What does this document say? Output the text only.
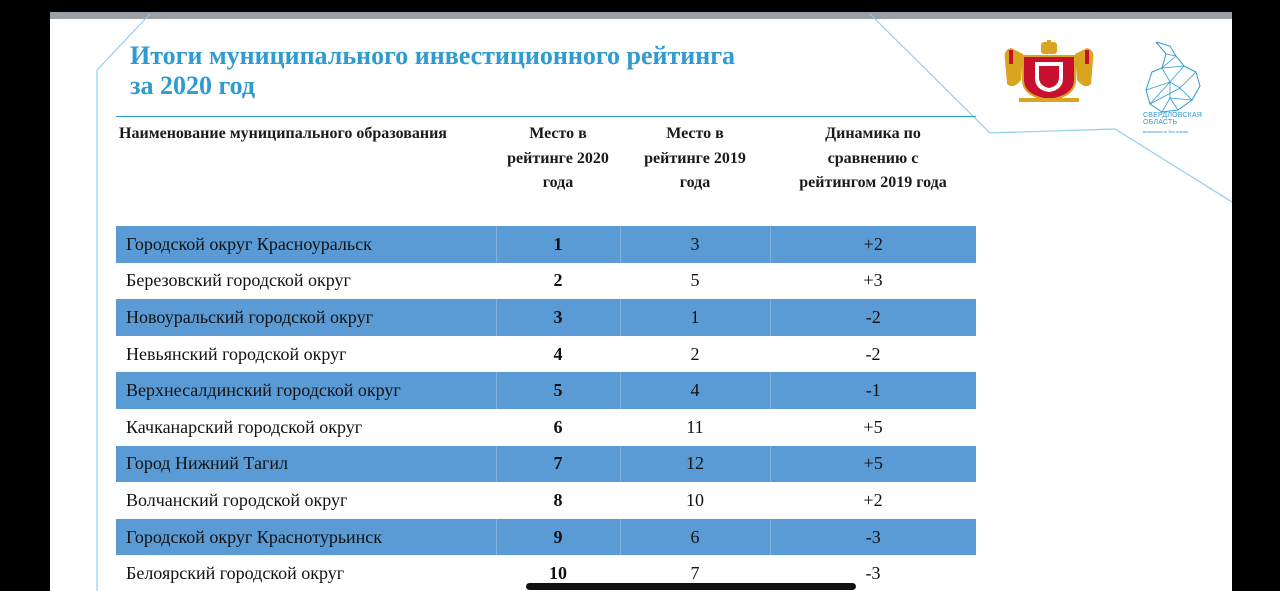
Итоги муниципального инвестиционного рейтинга
за 2020 год
СВЕРДЛОВСКАЯ
ОБЛАСТЬ
возможности без границ
Наименование муниципального образования	Место в рейтинге 2020 года	Место в рейтинге 2019 года	Динамика по сравнению с рейтингом 2019 года
Городской округ Красноуральск	1	3	+2
Березовский городской округ	2	5	+3
Новоуральский городской округ	3	1	-2
Невьянский городской округ	4	2	-2
Верхнесалдинский городской округ	5	4	-1
Качканарский городской округ	6	11	+5
Город Нижний Тагил	7	12	+5
Волчанский городской округ	8	10	+2
Городской округ Краснотурьинск	9	6	-3
Белоярский городской округ	10	7	-3
